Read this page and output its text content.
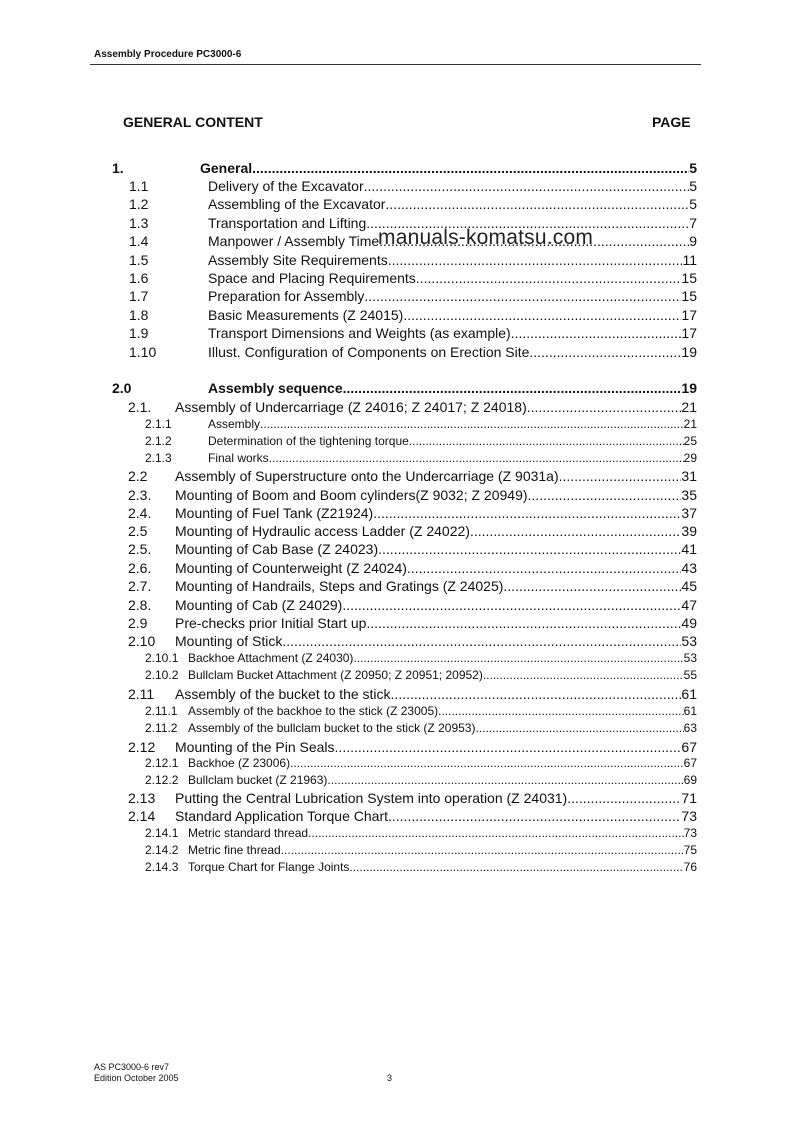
Assembly Procedure PC3000-6
GENERAL CONTENT	PAGE
1.	General .....	5
1.1	Delivery of the Excavator .....	5
1.2	Assembling of the Excavator .....	5
1.3	Transportation and Lifting .....	7
1.4	Manpower / Assembly Time .....	9
1.5	Assembly Site Requirements .....	11
1.6	Space and Placing Requirements .....	15
1.7	Preparation for Assembly .....	15
1.8	Basic Measurements (Z 24015) .....	17
1.9	Transport Dimensions and Weights (as example) .....	17
1.10	Illust. Configuration of Components on Erection Site .....	19
2.0	Assembly sequence .....	19
2.1. Assembly of Undercarriage (Z 24016; Z 24017; Z 24018) .....	21
2.1.1	Assembly .....	21
2.1.2	Determination of the tightening torque .....	25
2.1.3	Final works .....	29
2.2 Assembly of Superstructure onto the Undercarriage (Z 9031a) .....	31
2.3. Mounting of Boom and Boom cylinders(Z 9032; Z 20949) .....	35
2.4. Mounting of Fuel Tank (Z21924) .....	37
2.5 Mounting of Hydraulic access Ladder (Z 24022) .....	39
2.5. Mounting of Cab Base (Z 24023) .....	41
2.6. Mounting of Counterweight (Z 24024) .....	43
2.7. Mounting of Handrails, Steps and Gratings (Z 24025) .....	45
2.8. Mounting of Cab (Z 24029) .....	47
2.9 Pre-checks prior Initial Start up .....	49
2.10 Mounting of Stick .....	53
2.10.1 Backhoe Attachment (Z 24030) .....	53
2.10.2 Bullclam Bucket Attachment (Z 20950; Z 20951; 20952) .....	55
2.11 Assembly of the bucket to the stick .....	61
2.11.1 Assembly of the backhoe to the stick (Z 23005) .....	61
2.11.2 Assembly of the bullclam bucket to the stick (Z 20953) .....	63
2.12 Mounting of the Pin Seals .....	67
2.12.1 Backhoe (Z 23006) .....	67
2.12.2 Bullclam bucket (Z 21963) .....	69
2.13 Putting the Central Lubrication System into operation (Z 24031) .....	71
2.14 Standard Application Torque Chart .....	73
2.14.1 Metric standard thread .....	73
2.14.2 Metric fine thread .....	75
2.14.3 Torque Chart for Flange Joints .....	76
manuals-komatsu.com
AS PC3000-6 rev7
Edition October 2005	3
